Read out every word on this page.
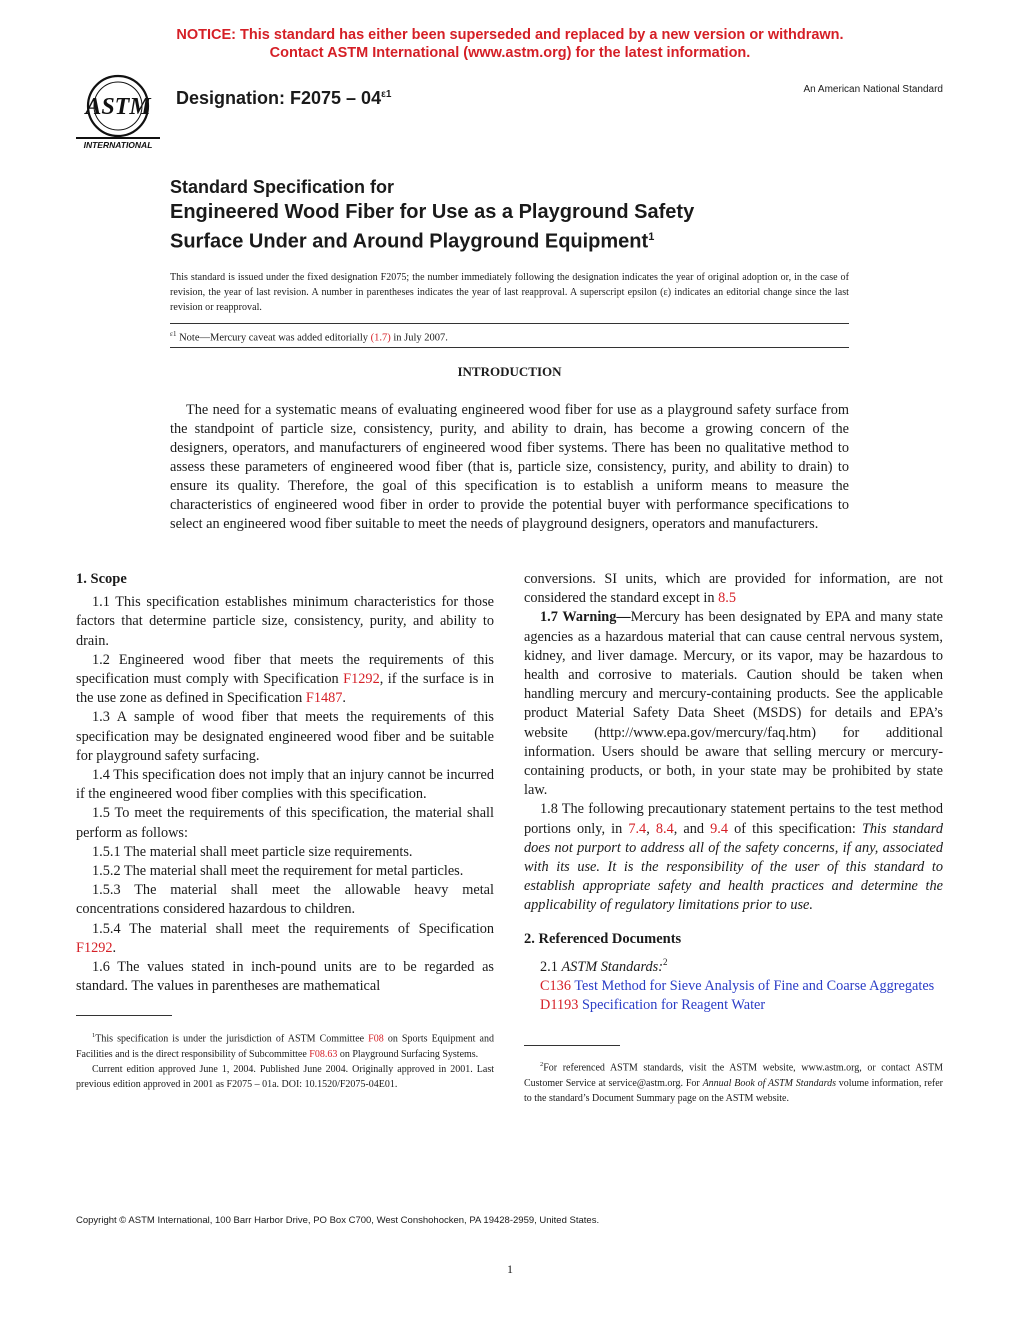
NOTICE: This standard has either been superseded and replaced by a new version or withdrawn.
Contact ASTM International (www.astm.org) for the latest information.
ASTM
INTERNATIONAL
Designation: $F2075 - 04^{\varepsilon 1}$	An American National Standard
Standard Specification for
Engineered Wood Fiber for Use as a Playground Safety
Surface Under and Around Playground Equipment$^1$
This standard is issued under the fixed designation F2075; the number immediately following the designation indicates the year of original adoption or, in the case of revision, the year of last revision. A number in parentheses indicates the year of last reapproval. A superscript epsilon (ε) indicates an editorial change since the last revision or reapproval.
$^{\varepsilon 1}$ Note—Mercury caveat was added editorially (1.7) in July 2007.
INTRODUCTION

The need for a systematic means of evaluating engineered wood fiber for use as a playground safety surface from the standpoint of particle size, consistency, purity, and ability to drain, has become a growing concern of the designers, operators, and manufacturers of engineered wood fiber systems. There has been no qualitative method to assess these parameters of engineered wood fiber (that is, particle size, consistency, purity, and ability to drain) to ensure its quality. Therefore, the goal of this specification is to establish a uniform means to measure the characteristics of engineered wood fiber in order to provide the potential buyer with performance specifications to select an engineered wood fiber suitable to meet the needs of playground designers, operators and manufacturers.

1. Scope

1.1 This specification establishes minimum characteristics for those factors that determine particle size, consistency, purity, and ability to drain.

1.2 Engineered wood fiber that meets the requirements of this specification must comply with Specification F1292, if the surface is in the use zone as defined in Specification F1487.

1.3 A sample of wood fiber that meets the requirements of this specification may be designated engineered wood fiber and be suitable for playground safety surfacing.

1.4 This specification does not imply that an injury cannot be incurred if the engineered wood fiber complies with this specification.

1.5 To meet the requirements of this specification, the material shall perform as follows:

1.5.1 The material shall meet particle size requirements.

1.5.2 The material shall meet the requirement for metal particles.

1.5.3 The material shall meet the allowable heavy metal concentrations considered hazardous to children.

1.5.4 The material shall meet the requirements of Specification F1292.

1.6 The values stated in inch-pound units are to be regarded as standard. The values in parentheses are mathematical

$^1$This specification is under the jurisdiction of ASTM Committee F08 on Sports Equipment and Facilities and is the direct responsibility of Subcommittee F08.63 on Playground Surfacing Systems.

Current edition approved June 1, 2004. Published June 2004. Originally approved in 2001. Last previous edition approved in 2001 as F2075 – 01a. DOI: 10.1520/F2075-04E01.

conversions. SI units, which are provided for information, are not considered the standard except in 8.5

1.7 Warning—Mercury has been designated by EPA and many state agencies as a hazardous material that can cause central nervous system, kidney, and liver damage. Mercury, or its vapor, may be hazardous to health and corrosive to materials. Caution should be taken when handling mercury and mercury-containing products. See the applicable product Material Safety Data Sheet (MSDS) for details and EPA’s website (http://www.epa.gov/mercury/faq.htm) for additional information. Users should be aware that selling mercury or mercury-containing products, or both, in your state may be prohibited by state law.

1.8 The following precautionary statement pertains to the test method portions only, in 7.4, 8.4, and 9.4 of this specification: This standard does not purport to address all of the safety concerns, if any, associated with its use. It is the responsibility of the user of this standard to establish appropriate safety and health practices and determine the applicability of regulatory limitations prior to use.

2. Referenced Documents

2.1 ASTM Standards:$^2$

C136 Test Method for Sieve Analysis of Fine and Coarse Aggregates

D1193 Specification for Reagent Water

$^2$For referenced ASTM standards, visit the ASTM website, www.astm.org, or contact ASTM Customer Service at service@astm.org. For Annual Book of ASTM Standards volume information, refer to the standard’s Document Summary page on the ASTM website.

Copyright © ASTM International, 100 Barr Harbor Drive, PO Box C700, West Conshohocken, PA 19428-2959, United States.
1
